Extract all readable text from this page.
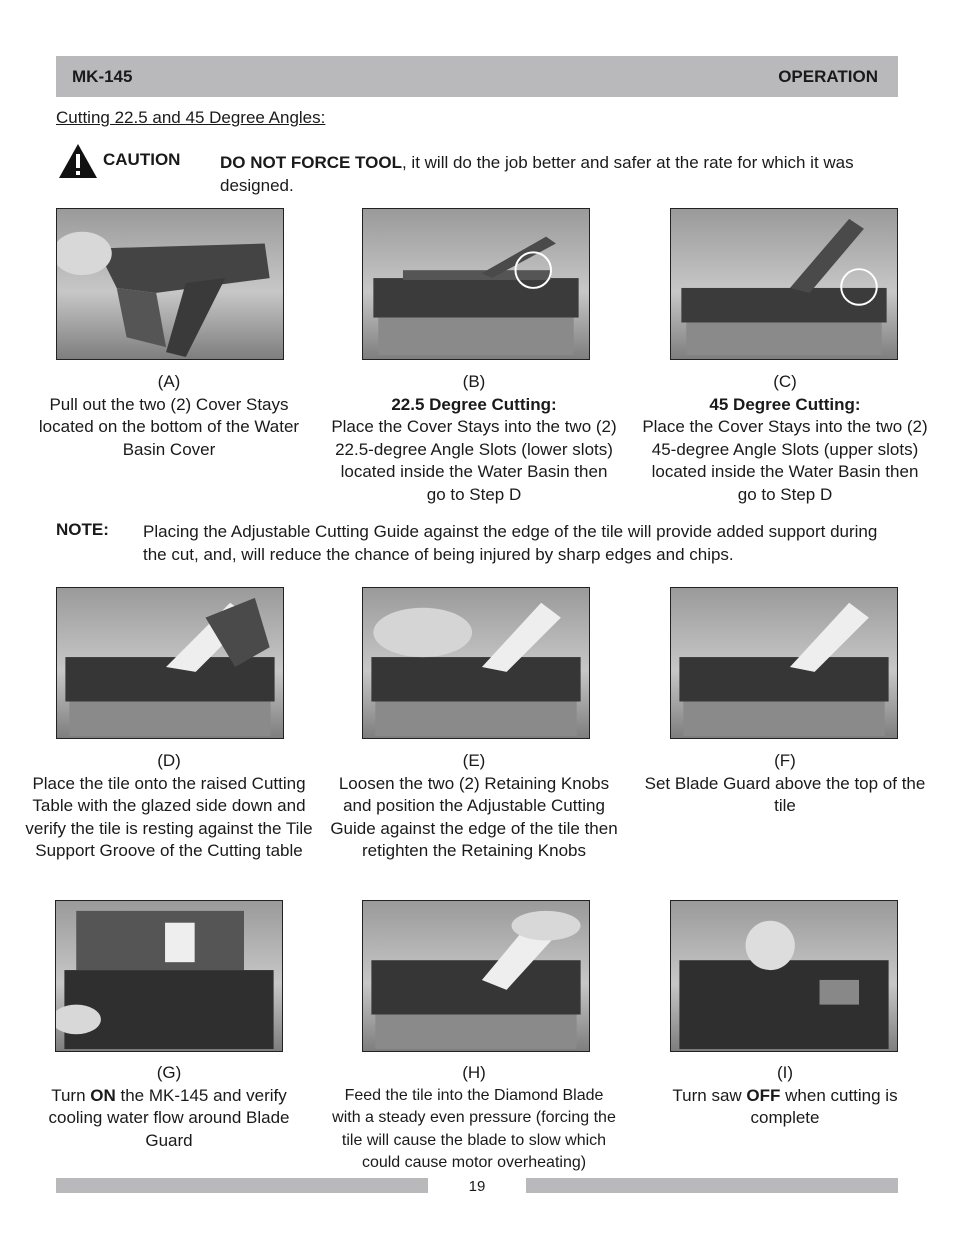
MK-145	OPERATION
Cutting 22.5 and 45 Degree Angles:
CAUTION DO NOT FORCE TOOL, it will do the job better and safer at the rate for which it was designed.
(A)
Pull out the two (2) Cover Stays located on the bottom of the Water Basin Cover
(B)
22.5 Degree Cutting:
Place the Cover Stays into the two (2) 22.5-degree Angle Slots (lower slots) located inside the Water Basin then go to Step D
(C)
45 Degree Cutting:
Place the Cover Stays into the two (2) 45-degree Angle Slots (upper slots) located inside the Water Basin then go to Step D
NOTE: Placing the Adjustable Cutting Guide against the edge of the tile will provide added support during the cut, and, will reduce the chance of being injured by sharp edges and chips.
(D)
Place the tile onto the raised Cutting Table with the glazed side down and verify the tile is resting against the Tile Support Groove of the Cutting table
(E)
Loosen the two (2) Retaining Knobs and position the Adjustable Cutting Guide against the edge of the tile then retighten the Retaining Knobs
(F)
Set Blade Guard above the top of the tile
(G)
Turn ON the MK-145 and verify cooling water flow around Blade Guard
(H)
Feed the tile into the Diamond Blade with a steady even pressure (forcing the tile will cause the blade to slow which could cause motor overheating)
(I)
Turn saw OFF when cutting is complete
19
